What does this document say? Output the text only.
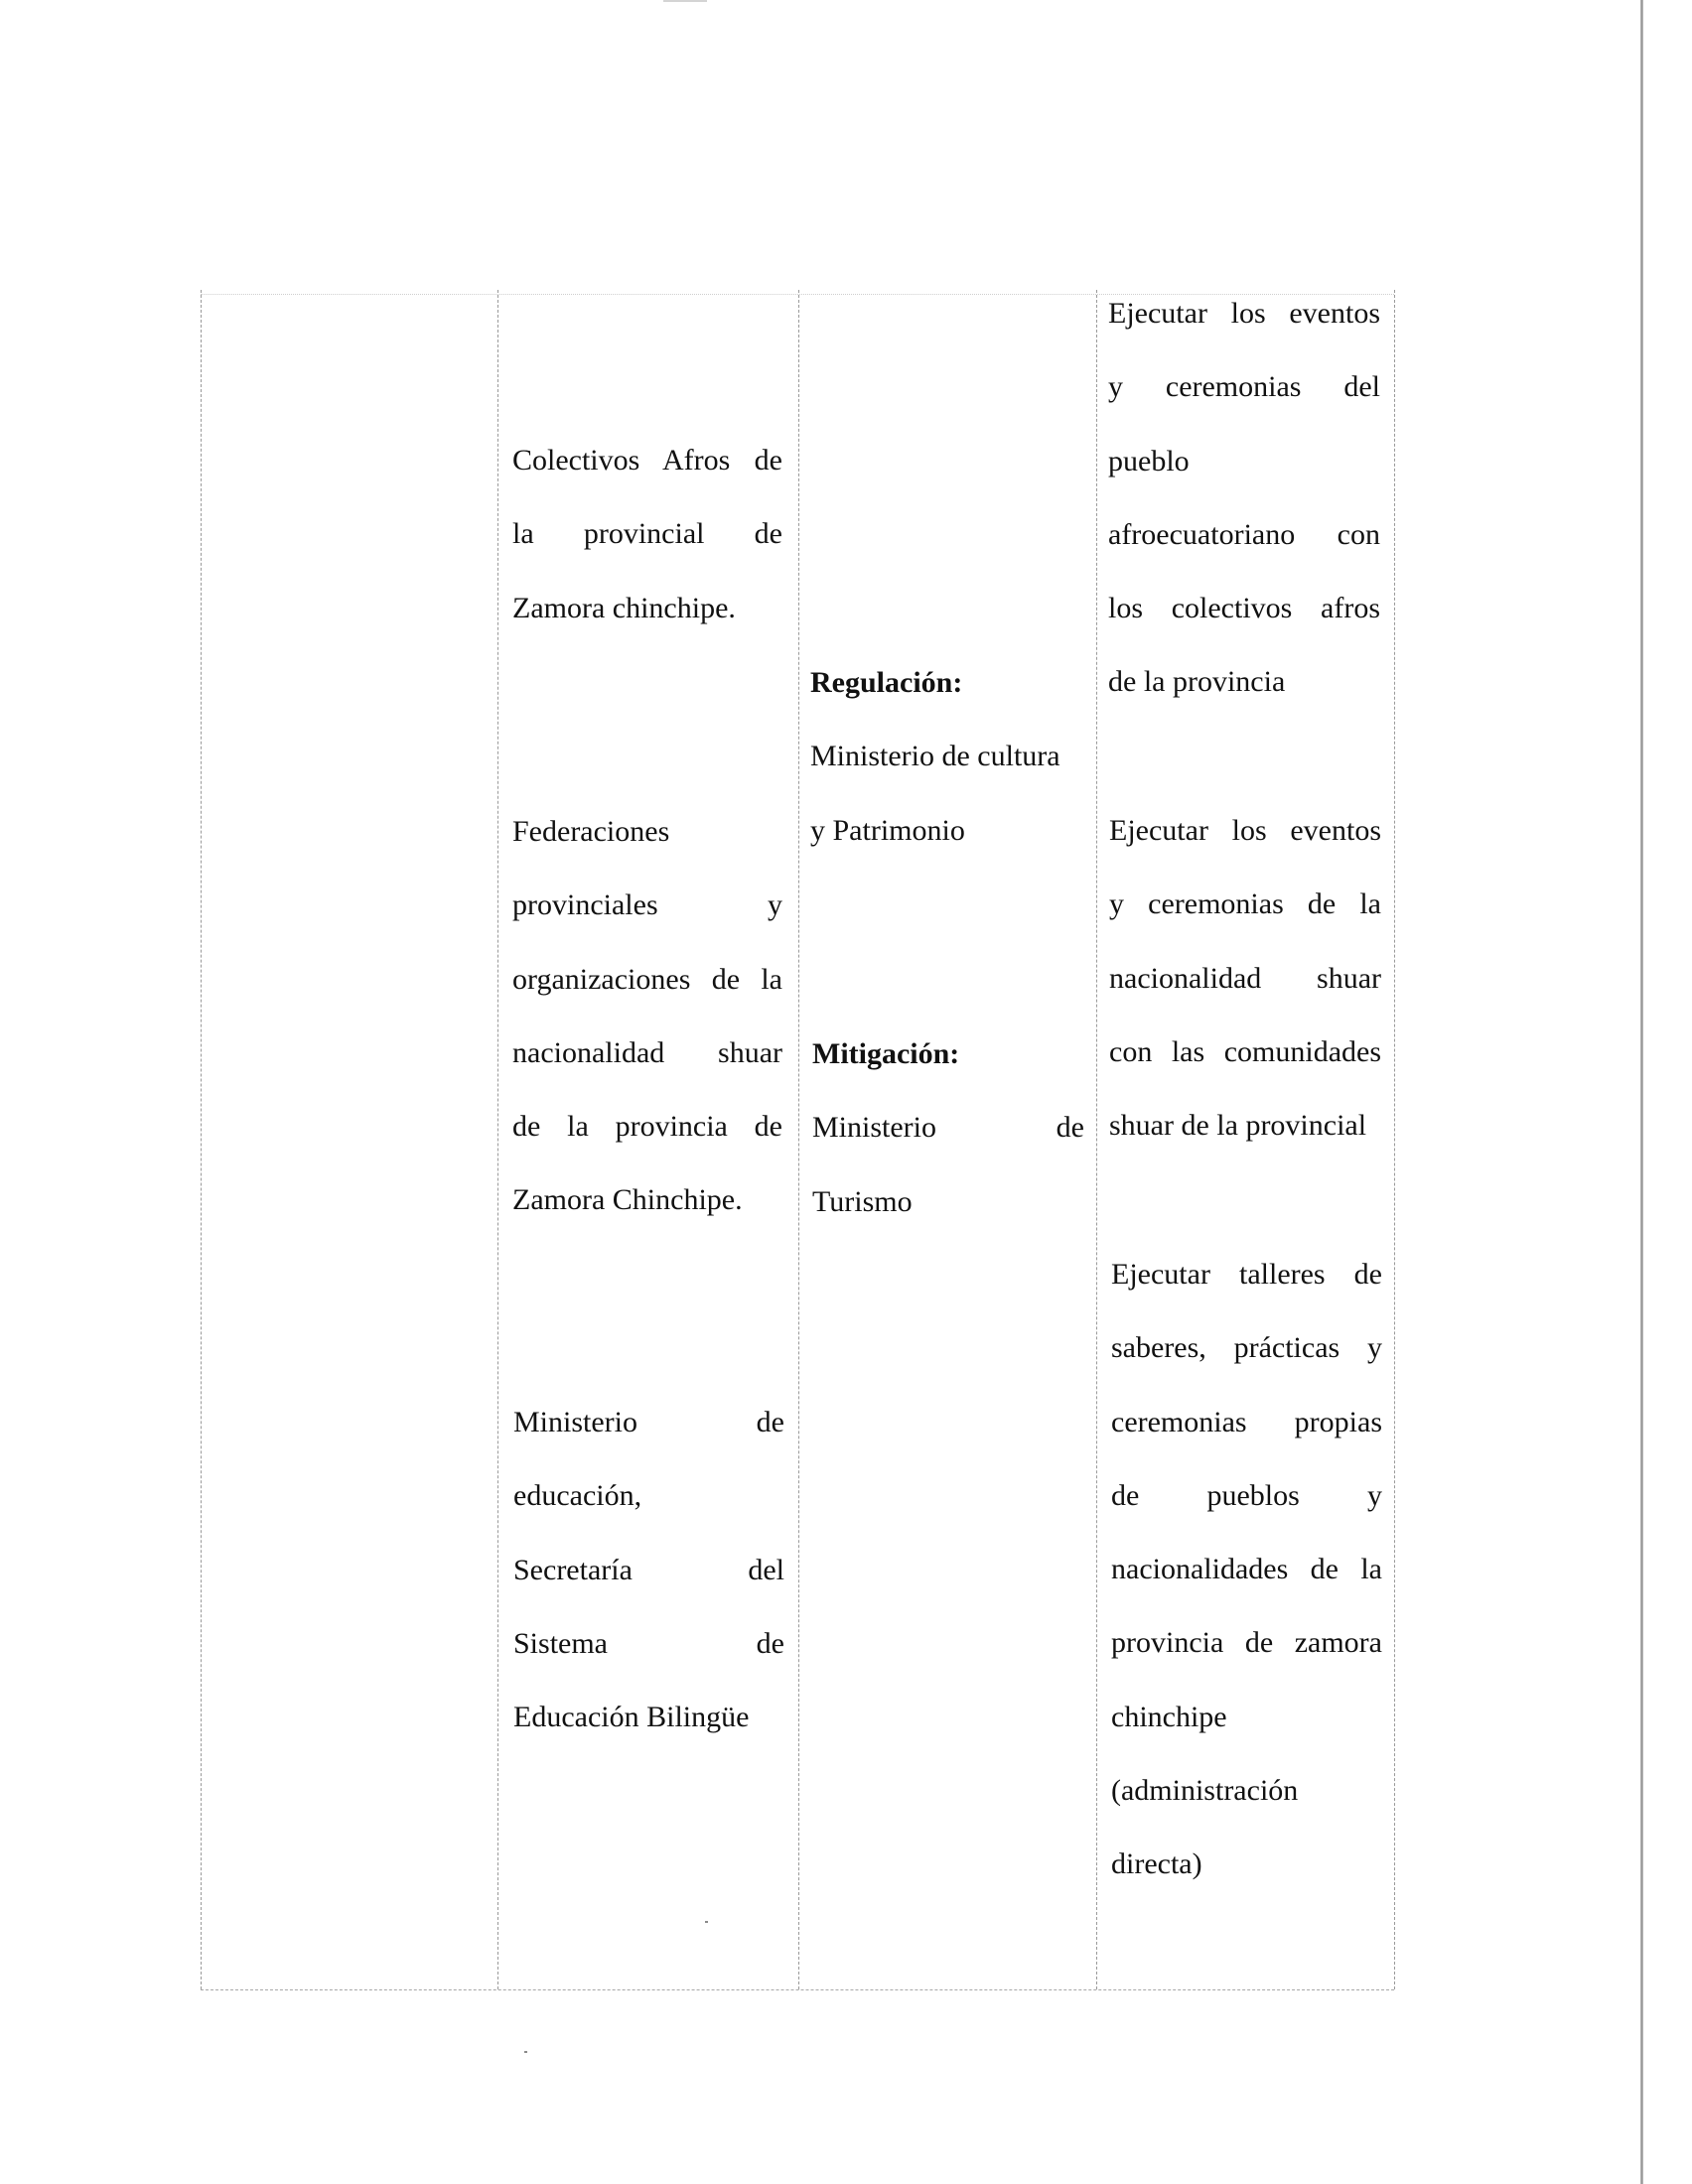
Colectivos Afros de
la provincial de
Zamora chinchipe.
Federaciones
provinciales y
organizaciones de la
nacionalidad shuar
de la provincia de
Zamora Chinchipe.
Ministerio de
educación,
Secretaría del
Sistema de
Educación Bilingüe
Regulación:
Ministerio de cultura
y Patrimonio
Mitigación:
Ministerio de
Turismo
Ejecutar los eventos
y ceremonias del
pueblo
afroecuatoriano con
los colectivos afros
de la provincia
Ejecutar los eventos
y ceremonias de la
nacionalidad shuar
con las comunidades
shuar de la provincial
Ejecutar talleres de
saberes, prácticas y
ceremonias propias
de pueblos y
nacionalidades de la
provincia de zamora
chinchipe
(administración
directa)
